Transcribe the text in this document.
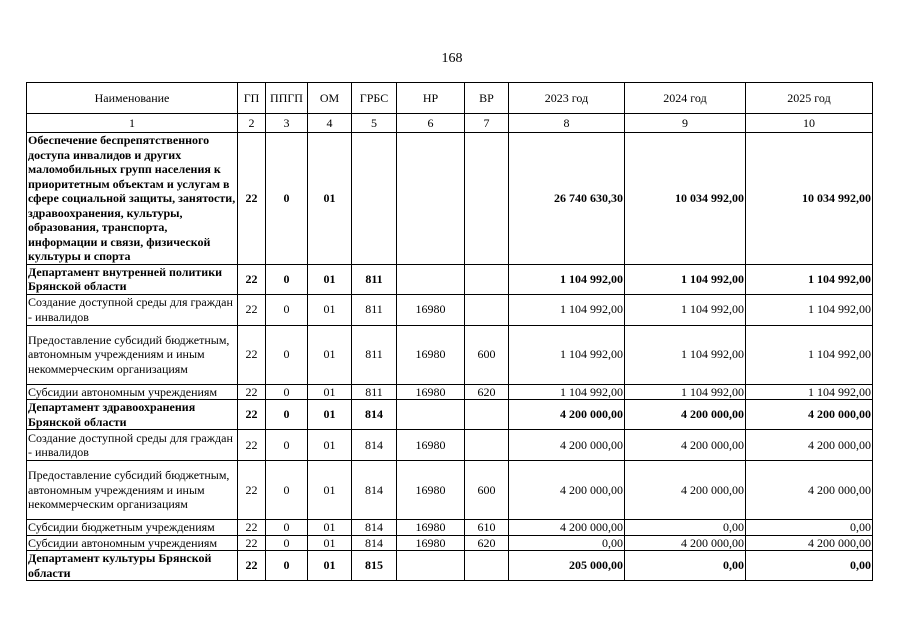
168
Наименование	ГП	ППГП	ОМ	ГРБС	НР	ВР	2023 год	2024 год	2025 год
1	2	3	4	5	6	7	8	9	10
Обеспечение беспрепятственного доступа инвалидов и других маломобильных групп населения к приоритетным объектам и услугам в сфере социальной защиты, занятости, здравоохранения, культуры, образования, транспорта, информации и связи, физической культуры и спорта	22	0	01				26 740 630,30	10 034 992,00	10 034 992,00
Департамент внутренней политики Брянской области	22	0	01	811			1 104 992,00	1 104 992,00	1 104 992,00
Создание доступной среды для граждан - инвалидов	22	0	01	811	16980		1 104 992,00	1 104 992,00	1 104 992,00
Предоставление субсидий бюджетным, автономным учреждениям и иным некоммерческим организациям	22	0	01	811	16980	600	1 104 992,00	1 104 992,00	1 104 992,00
Субсидии автономным учреждениям	22	0	01	811	16980	620	1 104 992,00	1 104 992,00	1 104 992,00
Департамент здравоохранения Брянской области	22	0	01	814			4 200 000,00	4 200 000,00	4 200 000,00
Создание доступной среды для граждан - инвалидов	22	0	01	814	16980		4 200 000,00	4 200 000,00	4 200 000,00
Предоставление субсидий бюджетным, автономным учреждениям и иным некоммерческим организациям	22	0	01	814	16980	600	4 200 000,00	4 200 000,00	4 200 000,00
Субсидии бюджетным учреждениям	22	0	01	814	16980	610	4 200 000,00	0,00	0,00
Субсидии автономным учреждениям	22	0	01	814	16980	620	0,00	4 200 000,00	4 200 000,00
Департамент культуры Брянской области	22	0	01	815			205 000,00	0,00	0,00
